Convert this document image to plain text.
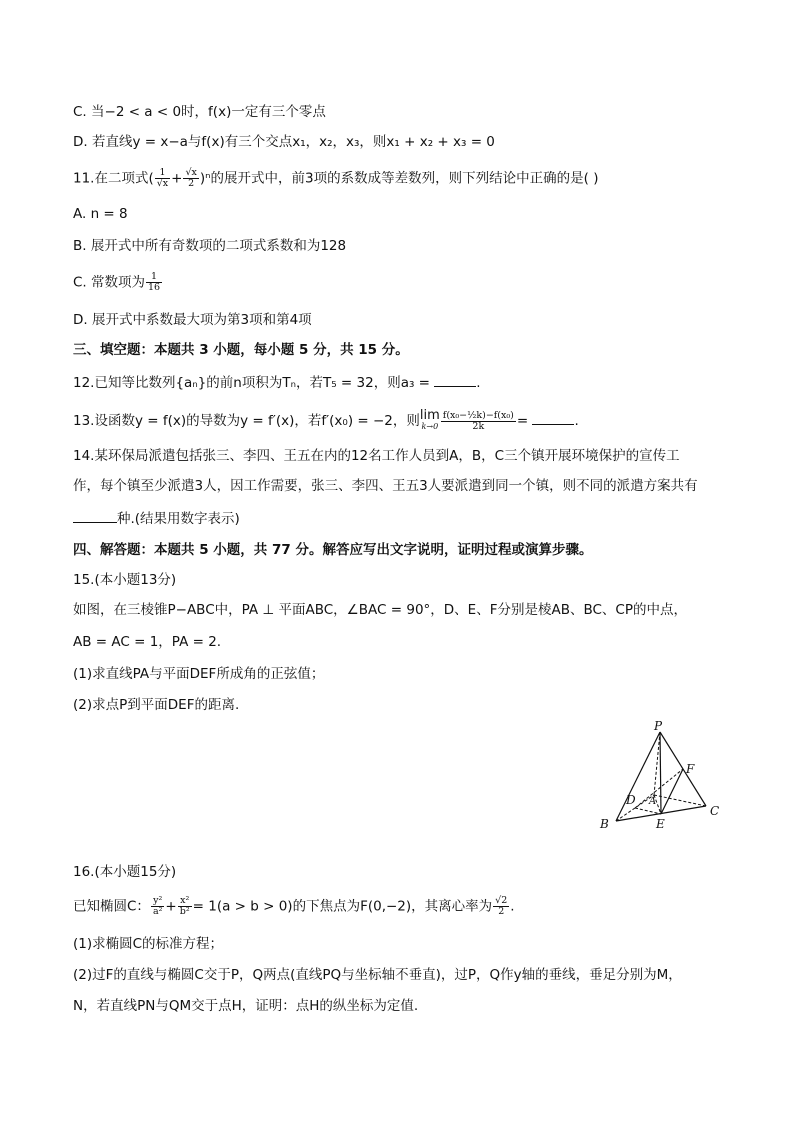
C. 当−2 < a < 0时，f(x)一定有三个零点
D. 若直线y = x−a与f(x)有三个交点x₁，x₂，x₃，则x₁ + x₂ + x₃ = 0
11.在二项式( $\frac{1}{√x} + \frac{√x}{2} )^n$的展开式中，前3项的系数成等差数列，则下列结论中正确的是( )
A. n = 8
B. 展开式中所有奇数项的二项式系数和为128
C. 常数项为 $\frac{1}{16}$
D. 展开式中系数最大项为第3项和第4项
三、填空题：本题共 3 小题，每小题 5 分，共 15 分。
12.已知等比数列{aₙ}的前n项积为Tₙ，若T₅ = 32，则a₃ =	.
13.设函数y = f(x)的导数为y = f′(x)，若f′(x₀) = −2，则 lim
$k\to 0 \frac{\text{f(x₀−½k)−f(x₀)}}{2k}$ =	.
14.某环保局派遣包括张三、李四、王五在内的12名工作人员到A，B，C三个镇开展环境保护的宣传工
作，每个镇至少派遣3人，因工作需要，张三、李四、王五3人要派遣到同一个镇，则不同的派遣方案共有
种.(结果用数字表示)
四、解答题：本题共 5 小题，共 77 分。解答应写出文字说明，证明过程或演算步骤。
15.(本小题13分)
如图，在三棱锥P−ABC中，PA ⊥ 平面ABC，∠BAC = 90°，D、E、F分别是棱AB、BC、CP的中点，
AB = AC = 1，PA = 2.
(1)求直线PA与平面DEF所成角的正弦值；
(2)求点P到平面DEF的距离.
P
F
D A
B	E
C
16.(本小题15分)
已知椭圆C： $\frac{\text{y²}}{\text{a²}} + \frac{\text{x²}}{\text{b²}} = 1(a > b > 0)$的下焦点为F(0,−2)，其离心率为 $\frac{√2}{2}$ .
(1)求椭圆C的标准方程；
(2)过F的直线与椭圆C交于P，Q两点(直线PQ与坐标轴不垂直)，过P，Q作y轴的垂线，垂足分别为M，
N，若直线PN与QM交于点H，证明：点H的纵坐标为定值.
